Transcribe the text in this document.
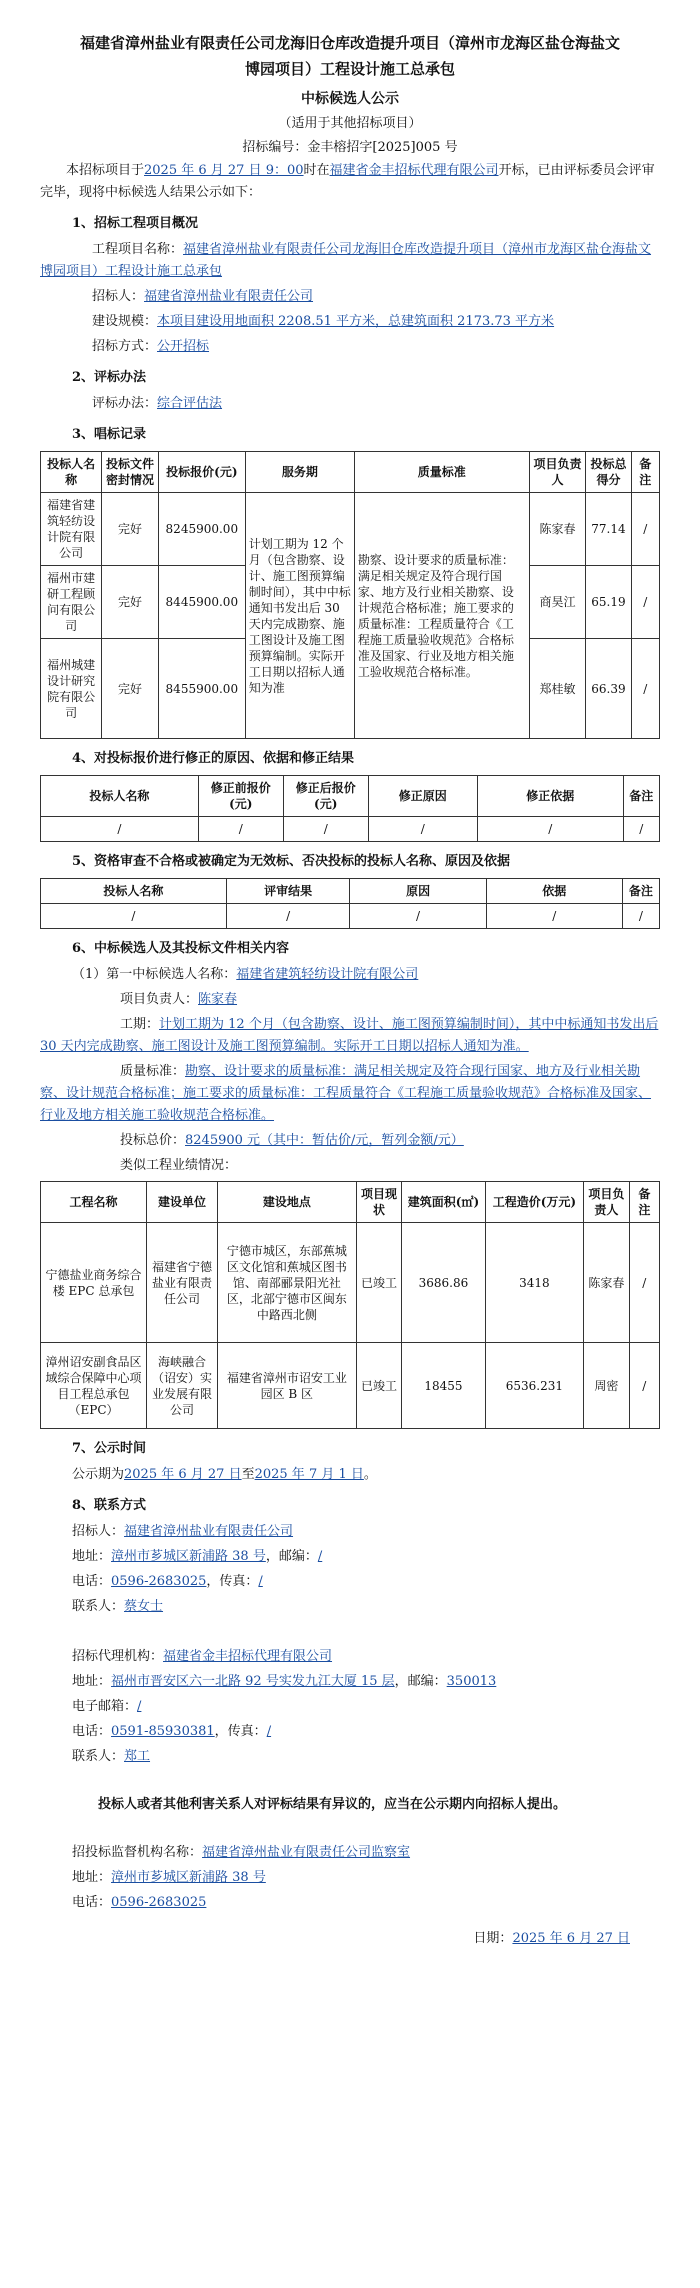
福建省漳州盐业有限责任公司龙海旧仓库改造提升项目（漳州市龙海区盐仓海盐文博园项目）工程设计施工总承包
中标候选人公示
（适用于其他招标项目）
招标编号：金丰榕招字[2025]005 号

本招标项目于2025 年 6 月 27 日 9：00时在福建省金丰招标代理有限公司开标，已由评标委员会评审完毕，现将中标候选人结果公示如下：

1、招标工程项目概况

工程项目名称：福建省漳州盐业有限责任公司龙海旧仓库改造提升项目（漳州市龙海区盐仓海盐文博园项目）工程设计施工总承包

招标人：福建省漳州盐业有限责任公司

建设规模：本项目建设用地面积 2208.51 平方米，总建筑面积 2173.73 平方米

招标方式：公开招标

2、评标办法

评标办法：综合评估法

3、唱标记录
投标人名称	投标文件密封情况	投标报价(元)	服务期	质量标准	项目负责人	投标总得分	备注
福建省建筑轻纺设计院有限公司	完好	8245900.00	计划工期为 12 个月（包含勘察、设计、施工图预算编制时间），其中中标通知书发出后 30 天内完成勘察、施工图设计及施工图预算编制。实际开工日期以招标人通知为准	勘察、设计要求的质量标准：满足相关规定及符合现行国家、地方及行业相关勘察、设计规范合格标准；施工要求的质量标准：工程质量符合《工程施工质量验收规范》合格标准及国家、行业及地方相关施工验收规范合格标准。	陈家春	77.14	/
福州市建研工程顾问有限公司	完好	8445900.00			商昊江	65.19	/
福州城建设计研究院有限公司	完好	8455900.00			郑桂敏	66.39	/
4、对投标报价进行修正的原因、依据和修正结果
投标人名称	修正前报价(元)	修正后报价(元)	修正原因	修正依据	备注
/	/	/	/	/	/
5、资格审查不合格或被确定为无效标、否决投标的投标人名称、原因及依据
投标人名称	评审结果	原因	依据	备注
/	/	/	/	/
6、中标候选人及其投标文件相关内容

（1）第一中标候选人名称：福建省建筑轻纺设计院有限公司

项目负责人：陈家春

工期：计划工期为 12 个月（包含勘察、设计、施工图预算编制时间），其中中标通知书发出后 30 天内完成勘察、施工图设计及施工图预算编制。实际开工日期以招标人通知为准。

质量标准：勘察、设计要求的质量标准：满足相关规定及符合现行国家、地方及行业相关勘察、设计规范合格标准；施工要求的质量标准：工程质量符合《工程施工质量验收规范》合格标准及国家、行业及地方相关施工验收规范合格标准。

投标总价：8245900 元（其中：暂估价/元，暂列金额/元）

类似工程业绩情况：

工程名称	建设单位	建设地点	项目现状	建筑面积(㎡)	工程造价(万元)	项目负责人	备注
宁德盐业商务综合楼 EPC 总承包	福建省宁德盐业有限责任公司	宁德市城区，东部蕉城区文化馆和蕉城区图书馆、南部郦景阳光社区，北部宁德市区闽东中路西北侧	已竣工	3686.86	3418	陈家春	/
漳州诏安副食品区域综合保障中心项目工程总承包（EPC）	海峡融合（诏安）实业发展有限公司	福建省漳州市诏安工业园区 B 区	已竣工	18455	6536.231	周密	/
7、公示时间

公示期为2025 年 6 月 27 日至2025 年 7 月 1 日。

8、联系方式

招标人：福建省漳州盐业有限责任公司

地址：漳州市芗城区新浦路 38 号，邮编：/

电话：0596-2683025，传真：/

联系人：蔡女士

招标代理机构：福建省金丰招标代理有限公司

地址：福州市晋安区六一北路 92 号实发九江大厦 15 层，邮编：350013

电子邮箱：/

电话：0591-85930381，传真：/

联系人：郑工

投标人或者其他利害关系人对评标结果有异议的，应当在公示期内向招标人提出。

招投标监督机构名称：福建省漳州盐业有限责任公司监察室

地址：漳州市芗城区新浦路 38 号

电话：0596-2683025

日期：2025 年 6 月 27 日
